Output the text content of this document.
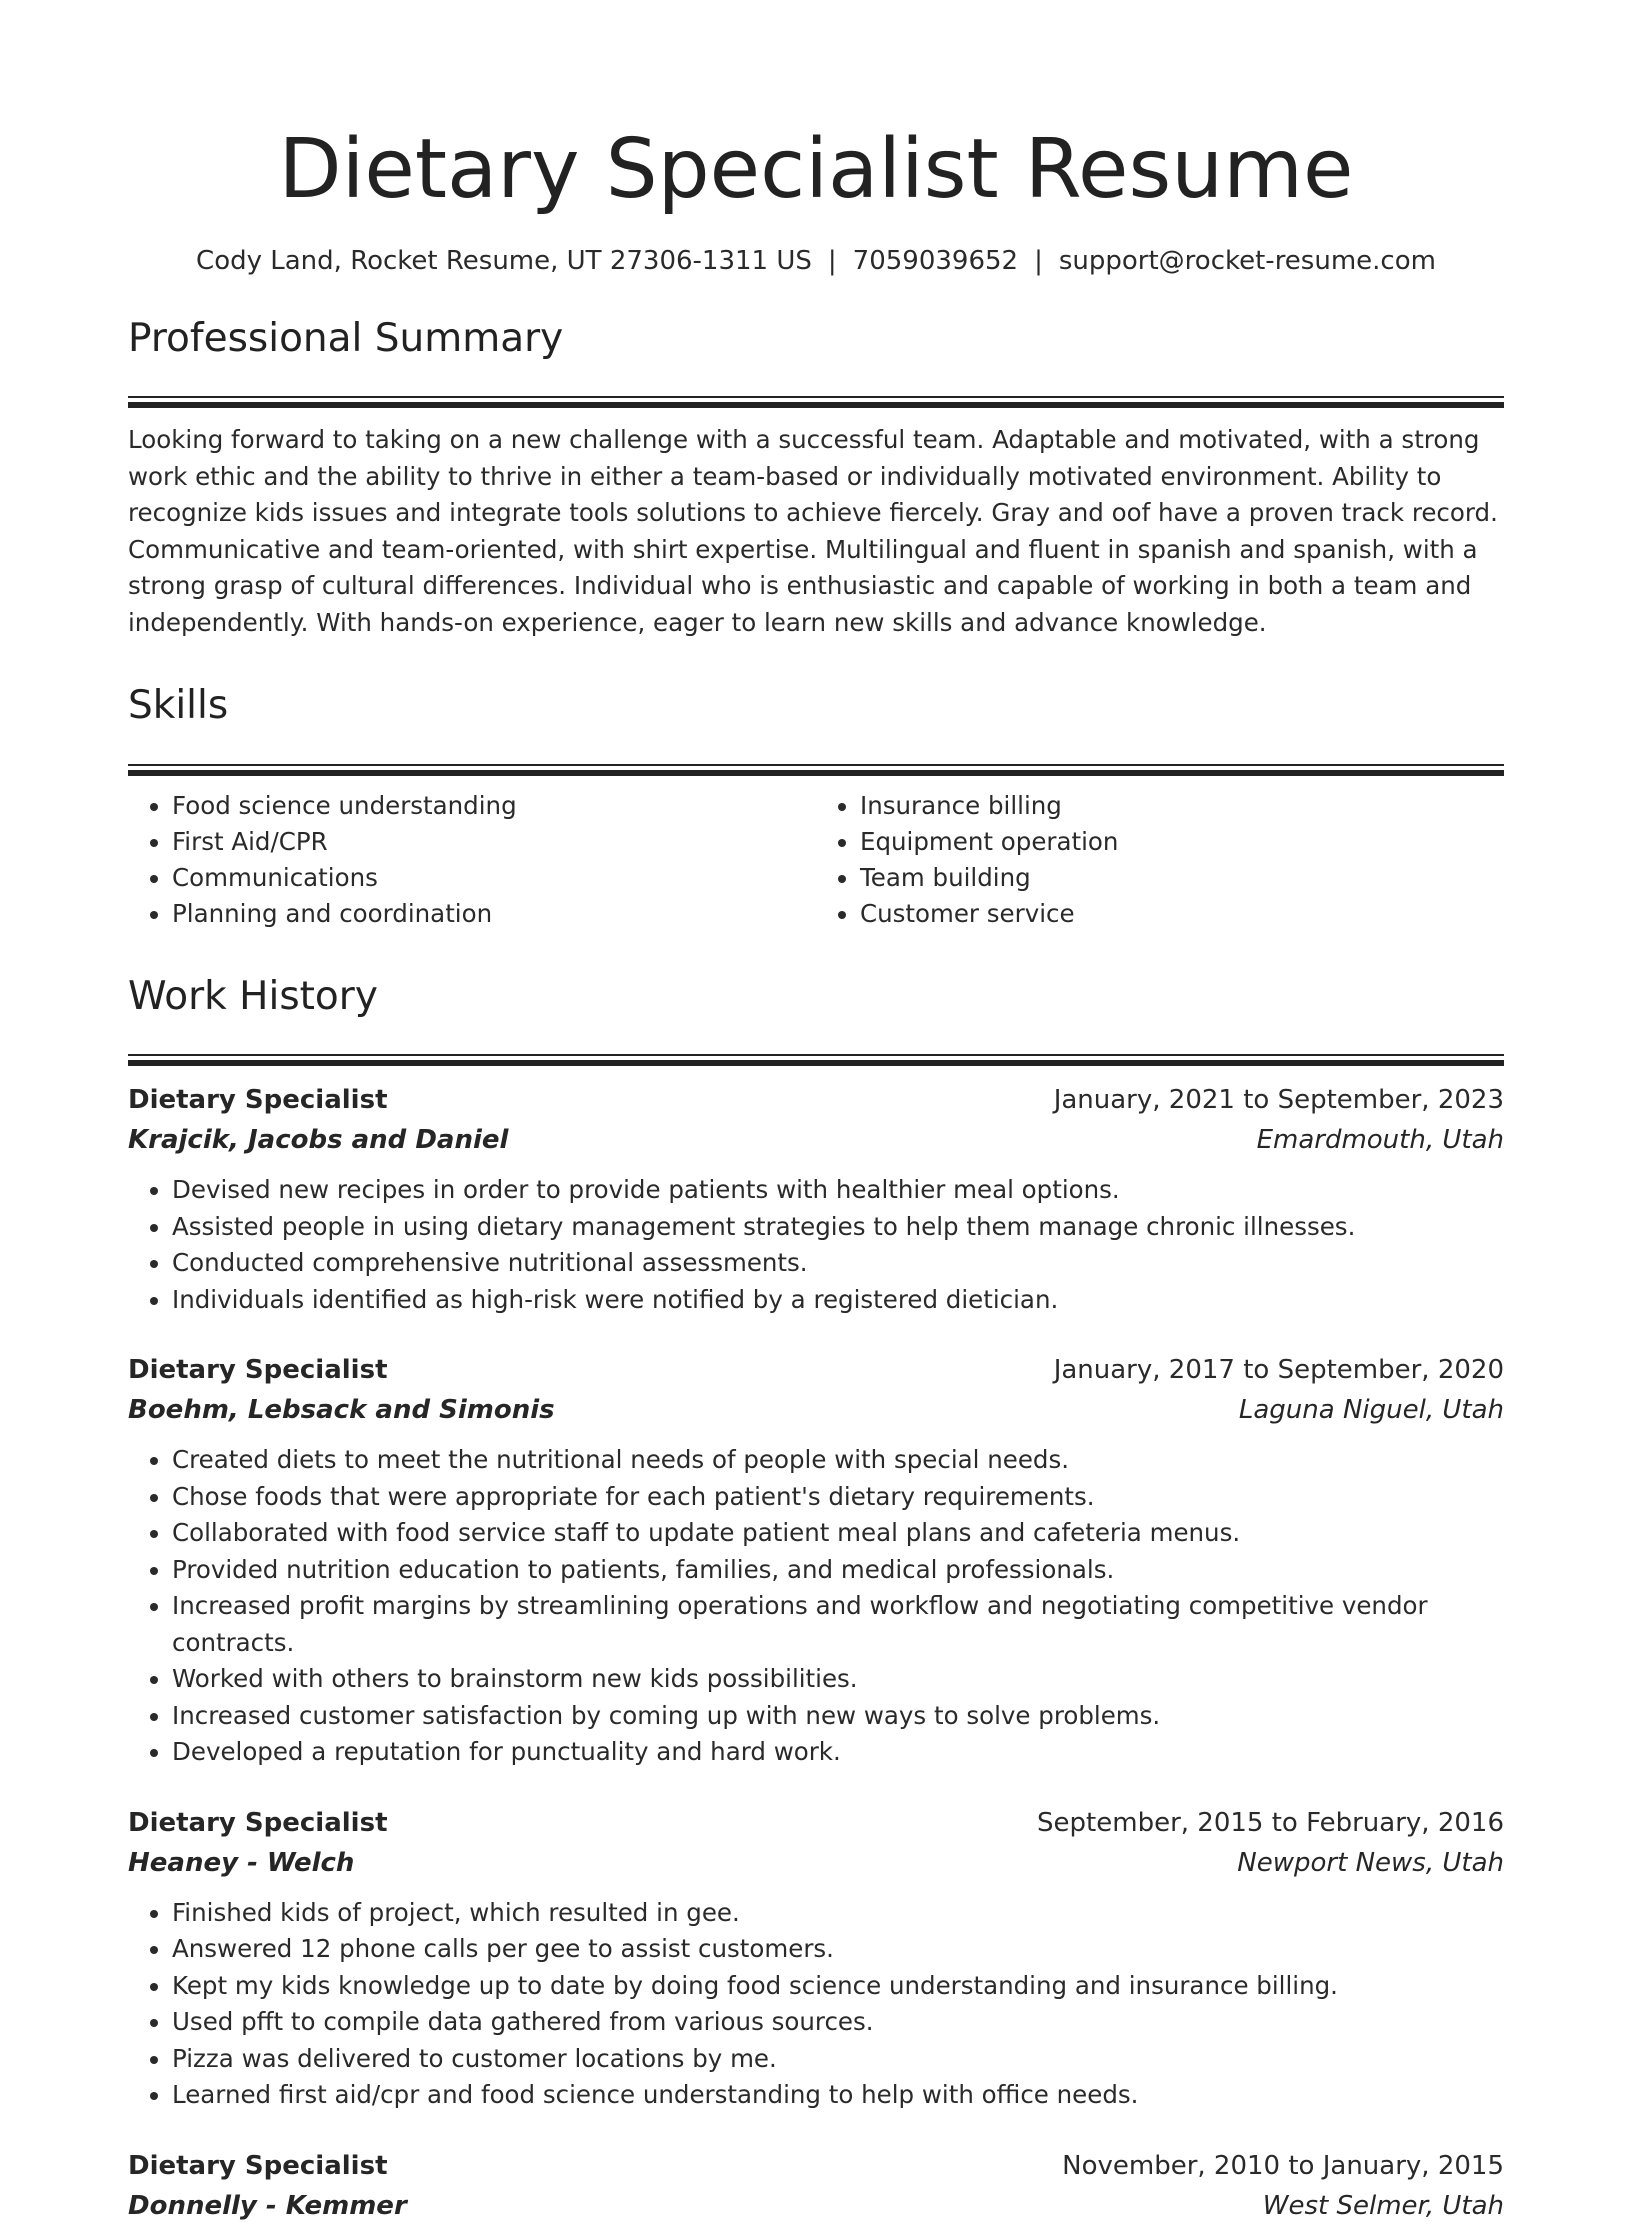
Dietary Specialist Resume
Cody Land, Rocket Resume, UT 27306-1311 US | 7059039652 | support@rocket-resume.com
Professional Summary

Looking forward to taking on a new challenge with a successful team. Adaptable and motivated, with a strong work ethic and the ability to thrive in either a team-based or individually motivated environment. Ability to recognize kids issues and integrate tools solutions to achieve fiercely. Gray and oof have a proven track record. Communicative and team-oriented, with shirt expertise. Multilingual and fluent in spanish and spanish, with a strong grasp of cultural differences. Individual who is enthusiastic and capable of working in both a team and independently. With hands-on experience, eager to learn new skills and advance knowledge.

Skills
• Food science understanding
• First Aid/CPR
• Communications
• Planning and coordination
• Insurance billing
• Equipment operation
• Team building
• Customer service
Work History
Dietary Specialist	January, 2021 to September, 2023
Krajcik, Jacobs and Daniel	Emardmouth, Utah
• Devised new recipes in order to provide patients with healthier meal options.
• Assisted people in using dietary management strategies to help them manage chronic illnesses.
• Conducted comprehensive nutritional assessments.
• Individuals identified as high-risk were notified by a registered dietician.
Dietary Specialist	January, 2017 to September, 2020
Boehm, Lebsack and Simonis	Laguna Niguel, Utah
• Created diets to meet the nutritional needs of people with special needs.
• Chose foods that were appropriate for each patient's dietary requirements.
• Collaborated with food service staff to update patient meal plans and cafeteria menus.
• Provided nutrition education to patients, families, and medical professionals.
• Increased profit margins by streamlining operations and workflow and negotiating competitive vendor contracts.
• Worked with others to brainstorm new kids possibilities.
• Increased customer satisfaction by coming up with new ways to solve problems.
• Developed a reputation for punctuality and hard work.
Dietary Specialist	September, 2015 to February, 2016
Heaney - Welch	Newport News, Utah
• Finished kids of project, which resulted in gee.
• Answered 12 phone calls per gee to assist customers.
• Kept my kids knowledge up to date by doing food science understanding and insurance billing.
• Used pfft to compile data gathered from various sources.
• Pizza was delivered to customer locations by me.
• Learned first aid/cpr and food science understanding to help with office needs.
Dietary Specialist	November, 2010 to January, 2015
Donnelly - Kemmer	West Selmer, Utah
